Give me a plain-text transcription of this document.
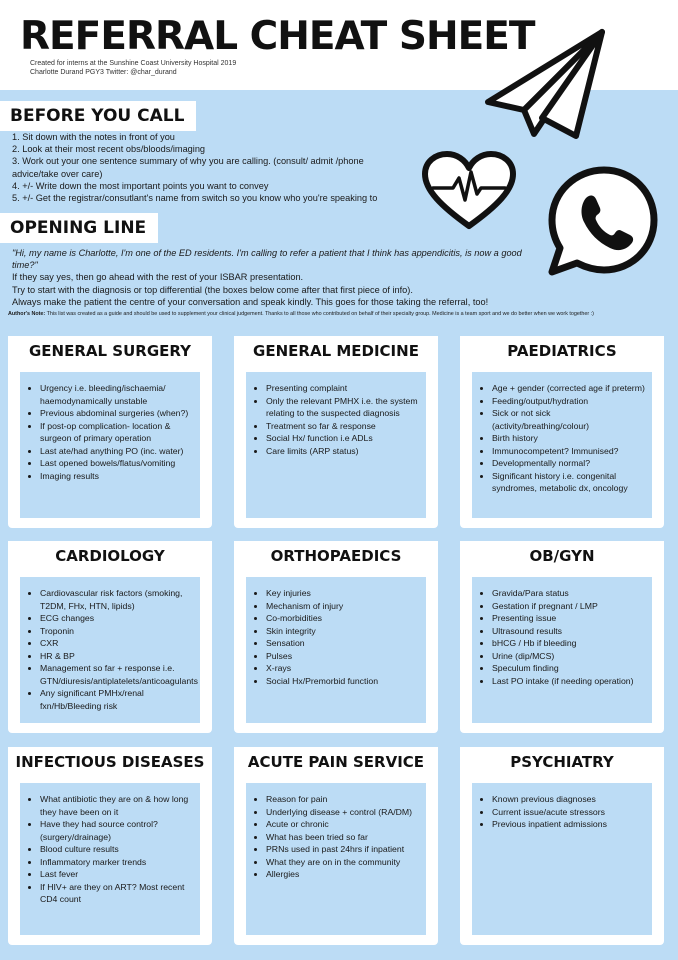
REFERRAL CHEAT SHEET
Created for interns at the Sunshine Coast University Hospital 2019
Charlotte Durand PGY3 Twitter: @char_durand
BEFORE YOU CALL
1. Sit down with the notes in front of you
2. Look at their most recent obs/bloods/imaging
3. Work out your one sentence summary of why you are calling. (consult/ admit /phone advice/take over care)
4. +/- Write down the most important points you want to convey
5. +/- Get the registrar/consutlant's name from switch so you know who you're speaking to
OPENING LINE

"Hi, my name is Charlotte, I'm one of the ED residents. I'm calling to refer a patient that I think has appendicitis, is now a good time?"

If they say yes, then go ahead with the rest of your ISBAR presentation.

Try to start with the diagnosis or top differential (the boxes below come after that first piece of info).

Always make the patient the centre of your conversation and speak kindly. This goes for those taking the referral, too!

Author's Note: This list was created as a guide and should be used to supplement your clinical judgement. Thanks to all those who contributed on behalf of their specialty group. Medicine is a team sport and we do better when we work together :)
GENERAL SURGERY
• Urgency i.e. bleeding/ischaemia/ haemodynamically unstable
• Previous abdominal surgeries (when?)
• If post-op complication- location & surgeon of primary operation
• Last ate/had anything PO (inc. water)
• Last opened bowels/flatus/vomiting
• Imaging results
GENERAL MEDICINE
• Presenting complaint
• Only the relevant PMHX i.e. the system relating to the suspected diagnosis
• Treatment so far & response
• Social Hx/ function i.e ADLs
• Care limits (ARP status)
PAEDIATRICS
• Age + gender (corrected age if preterm)
• Feeding/output/hydration
• Sick or not sick (activity/breathing/colour)
• Birth history
• Immunocompetent? Immunised?
• Developmentally normal?
• Significant history i.e. congenital syndromes, metabolic dx, oncology
CARDIOLOGY
• Cardiovascular risk factors (smoking, T2DM, FHx, HTN, lipids)
• ECG changes
• Troponin
• CXR
• HR & BP
• Management so far + response i.e. GTN/diuresis/antiplatelets/anticoagulants
• Any significant PMHx/renal fxn/Hb/Bleeding risk
ORTHOPAEDICS
• Key injuries
• Mechanism of injury
• Co-morbidities
• Skin integrity
• Sensation
• Pulses
• X-rays
• Social Hx/Premorbid function
OB/GYN
• Gravida/Para status
• Gestation if pregnant / LMP
• Presenting issue
• Ultrasound results
• bHCG / Hb if bleeding
• Urine (dip/MCS)
• Speculum finding
• Last PO intake (if needing operation)
INFECTIOUS DISEASES
• What antibiotic they are on & how long they have been on it
• Have they had source control? (surgery/drainage)
• Blood culture results
• Inflammatory marker trends
• Last fever
• If HIV+ are they on ART? Most recent CD4 count
ACUTE PAIN SERVICE
• Reason for pain
• Underlying disease + control (RA/DM)
• Acute or chronic
• What has been tried so far
• PRNs used in past 24hrs if inpatient
• What they are on in the community
• Allergies
PSYCHIATRY
• Known previous diagnoses
• Current issue/acute stressors
• Previous inpatient admissions
